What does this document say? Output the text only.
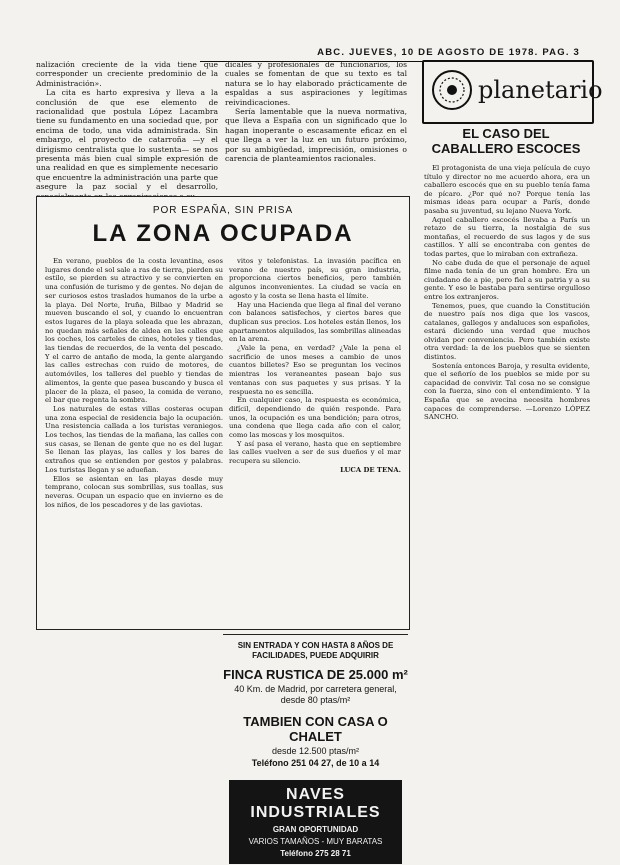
ABC. JUEVES, 10 DE AGOSTO DE 1978. PAG. 3

nalización creciente de la vida tiene que corresponder un creciente predominio de la Administración».

La cita es harto expresiva y lleva a la conclusión de que ese elemento de racionalidad que postula López Lacambra tiene su fundamento en una sociedad que, por encima de todo, una vida administrada. Sin embargo, el proyecto de catarroña —y el dirigismo centralista que lo sustenta— se nos presenta más bien cual simple expresión de una realidad en que es simplemente necesario que encuentre la administración una parte que asegure la paz social y el desarrollo,

dicales y profesionales de funcionarios, los cuales se fomentan de que su texto es tal natura se lo hay elaborado prácticamente de espaldas a sus aspiraciones y legítimas reivindicaciones.

Sería lamentable que la nueva normativa, que lleva a España con un significado que lo hagan inoperante o escasamente eficaz en el que llega a ver la luz en un futuro próximo, por su ambigüedad, imprecisión, omisiones o carencia de planteamientos racionales.

POR ESPAÑA, SIN PRISA
LA ZONA OCUPADA

En verano, pueblos de la costa levantina, esos lugares donde el sol sale a ras de tierra, pierden su estilo, se pierden su atractivo y se convierten en una confusión de turismo y de gentes. No dejan de ser curiosos estos traslados humanos de la urbe a la playa. Del Norte, Iruña, Bilbao y Madrid se mueven buscando el sol, y cuando lo encuentran estos lugares de la playa soleada que les abrazan, no quedan más señales de aldea en las calles que los coches, los carteles de cines, hoteles y tiendas, las tiendas de recuerdos, de la venta del pescado. Y el carro de antaño de moda, la gente alargando las calles estrechas con ruido de motores, de automóviles, los talleres del pueblo y tiendas de alimentos, la gente que pasea buscando y busca el placer de la plaza, el paseo, la comida de verano, el bar que regenta la sombra.

Los naturales de estas villas costeras ocupan una zona especial de residencia bajo la ocupación. Una resistencia callada a los turistas veraniegos. Los techos, las tiendas de la mañana, las calles con sus casas, se llenan de gente que no es del lugar. Se llenan las playas, las calles y los bares de extraños que se entienden por gestos y palabras. Los turistas llegan y se adueñan.

Ellos se asientan en las playas desde muy temprano, colocan sus sombrillas, sus toallas, sus neveras. Ocupan un espacio que en invierno es de los niños, de los pescadores y de las gaviotas.

vitos y telefonistas. La invasión pacífica en verano de nuestro país, su gran industria, proporciona ciertos beneficios, pero también algunos inconvenientes. La ciudad se vacía en agosto y la costa se llena hasta el límite.

Hay una Hacienda que llega al final del verano con balances satisfechos, y ciertos bares que duplican sus precios. Los hoteles están llenos, los apartamentos alquilados, las sombrillas alineadas en la arena.

¿Vale la pena, en verdad? ¿Vale la pena el sacrificio de unos meses a cambio de unos cuantos billetes? Eso se preguntan los vecinos mientras los veraneantes pasean bajo sus ventanas con sus paquetes y sus prisas. Y la respuesta no es sencilla.

En cualquier caso, la respuesta es económica, difícil, dependiendo de quién responde. Para unos, la ocupación es una bendición; para otros, una condena que llega cada año con el calor, como las moscas y los mosquitos.

Y así pasa el verano, hasta que en septiembre las calles vuelven a ser de sus dueños y el mar recupera su silencio.

LUCA DE TENA.

SIN ENTRADA Y CON HASTA 8 AÑOS DE FACILIDADES, PUEDE ADQUIRIR
FINCA RUSTICA DE 25.000 m²
40 Km. de Madrid, por carretera general, desde 80 ptas/m²
TAMBIEN CON CASA O CHALET
desde 12.500 ptas/m²
Teléfono 251 04 27, de 10 a 14
NAVES INDUSTRIALES
GRAN OPORTUNIDAD
VARIOS TAMAÑOS - MUY BARATAS
Teléfono 275 28 71
planetario
EL CASO DEL CABALLERO ESCOCES

El protagonista de una vieja película de cuyo título y director no me acuerdo ahora, era un caballero escocés que en su pueblo tenía fama de pícaro. ¿Por qué no? Porque tenía las mismas ideas para ocupar a París, donde pasaba su juventud, su lejano Nueva York.

Aquel caballero escocés llevaba a París un retazo de su tierra, la nostalgia de sus montañas, el recuerdo de sus lagos y de sus castillos. Y allí se encontraba con gentes de todas partes, que lo miraban con extrañeza.

No cabe duda de que el personaje de aquel filme nada tenía de un gran hombre. Era un ciudadano de a pie, pero fiel a su patria y a su gente. Y eso le bastaba para sentirse orgulloso entre los extranjeros.

Tenemos, pues, que cuando la Constitución de nuestro país nos diga que los vascos, catalanes, gallegos y andaluces son españoles, estará diciendo una verdad que muchos olvidan por conveniencia. Pero también existe otra verdad: la de los pueblos que se sienten distintos.

Sostenía entonces Baroja, y resulta evidente, que el señorío de los pueblos se mide por su capacidad de convivir. Tal cosa no se consigue con la fuerza, sino con el entendimiento. Y la España que se avecina necesita hombres capaces de comprenderse. —Lorenzo LÓPEZ SANCHO.
